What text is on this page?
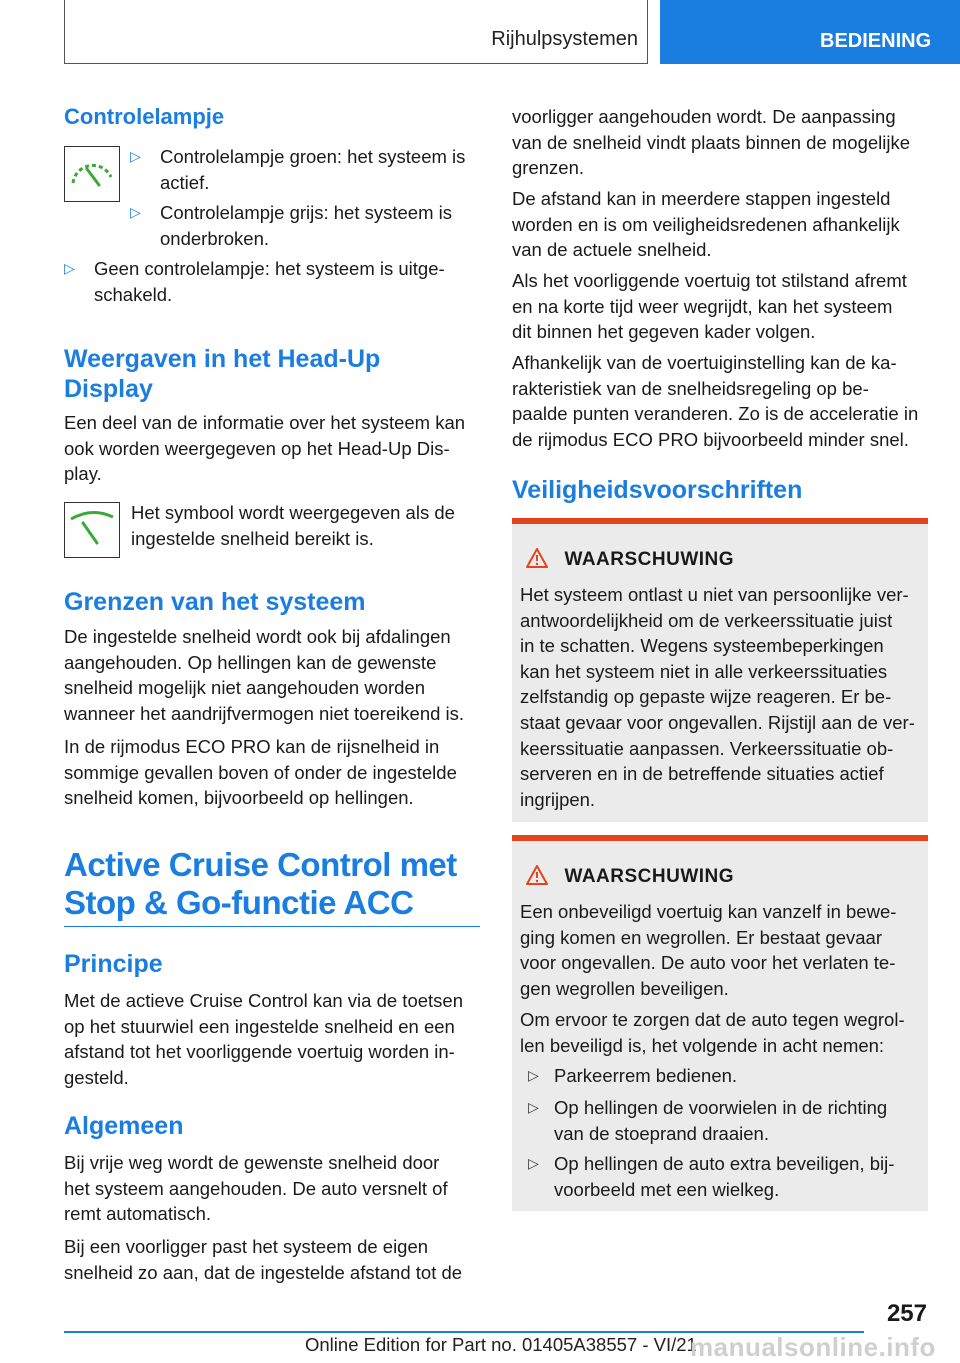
Rijhulpsystemen	BEDIENING
Controlelampje
▷	Controlelampje groen: het systeem is actief.
▷	Controlelampje grijs: het systeem is onderbroken.
▷	Geen controlelampje: het systeem is uitge-
schakeld.
Weergaven in het Head-Up
Display
Een deel van de informatie over het systeem kan
ook worden weergegeven op het Head-Up Dis-
play.
Het symbool wordt weergegeven als de
ingestelde snelheid bereikt is.
Grenzen van het systeem
De ingestelde snelheid wordt ook bij afdalingen
aangehouden. Op hellingen kan de gewenste
snelheid mogelijk niet aangehouden worden
wanneer het aandrijfvermogen niet toereikend is.
In de rijmodus ECO PRO kan de rijsnelheid in
sommige gevallen boven of onder de ingestelde
snelheid komen, bijvoorbeeld op hellingen.
Active Cruise Control met
Stop & Go-functie ACC
Principe
Met de actieve Cruise Control kan via de toetsen
op het stuurwiel een ingestelde snelheid en een
afstand tot het voorliggende voertuig worden in-
gesteld.
Algemeen
Bij vrije weg wordt de gewenste snelheid door
het systeem aangehouden. De auto versnelt of
remt automatisch.
Bij een voorligger past het systeem de eigen
snelheid zo aan, dat de ingestelde afstand tot de
voorligger aangehouden wordt. De aanpassing
van de snelheid vindt plaats binnen de mogelijke
grenzen.
De afstand kan in meerdere stappen ingesteld
worden en is om veiligheidsredenen afhankelijk
van de actuele snelheid.
Als het voorliggende voertuig tot stilstand afremt
en na korte tijd weer wegrijdt, kan het systeem
dit binnen het gegeven kader volgen.
Afhankelijk van de voertuiginstelling kan de ka-
rakteristiek van de snelheidsregeling op be-
paalde punten veranderen. Zo is de acceleratie in
de rijmodus ECO PRO bijvoorbeeld minder snel.
Veiligheidsvoorschriften
WAARSCHUWING
Het systeem ontlast u niet van persoonlijke ver-
antwoordelijkheid om de verkeerssituatie juist
in te schatten. Wegens systeembeperkingen
kan het systeem niet in alle verkeerssituaties
zelfstandig op gepaste wijze reageren. Er be-
staat gevaar voor ongevallen. Rijstijl aan de ver-
keerssituatie aanpassen. Verkeerssituatie ob-
serveren en in de betreffende situaties actief
ingrijpen.
WAARSCHUWING
Een onbeveiligd voertuig kan vanzelf in bewe-
ging komen en wegrollen. Er bestaat gevaar
voor ongevallen. De auto voor het verlaten te-
gen wegrollen beveiligen.
Om ervoor te zorgen dat de auto tegen wegrol-
len beveiligd is, het volgende in acht nemen:
▷ Parkeerrem bedienen.
▷ Op hellingen de voorwielen in de richting
van de stoeprand draaien.
▷ Op hellingen de auto extra beveiligen, bij-
voorbeeld met een wielkeg.
257
Online Edition for Part no. 01405A38557 - VI/21
manualsonline.info
